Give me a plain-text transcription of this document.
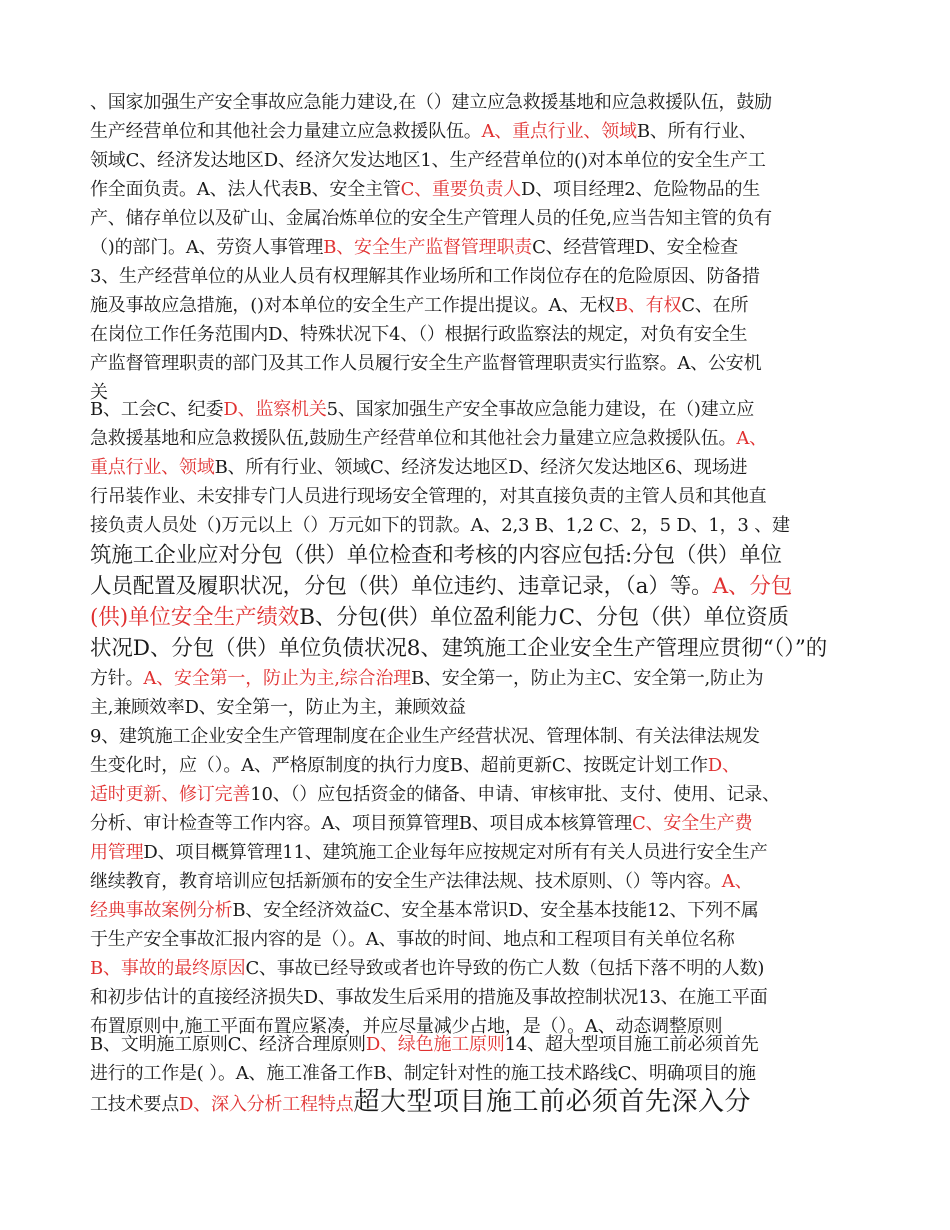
、国家加强生产安全事故应急能力建设,在（）建立应急救援基地和应急救援队伍，鼓励
生产经营单位和其他社会力量建立应急救援队伍。A、重点行业、领域B、所有行业、
领域C、经济发达地区D、经济欠发达地区1、生产经营单位的()对本单位的安全生产工
作全面负责。A、法人代表B、安全主管C、重要负责人D、项目经理2、危险物品的生
产、储存单位以及矿山、金属冶炼单位的安全生产管理人员的任免,应当告知主管的负有
（)的部门。A、劳资人事管理B、安全生产监督管理职责C、经营管理D、安全检查
3、生产经营单位的从业人员有权理解其作业场所和工作岗位存在的危险原因、防备措
施及事故应急措施，()对本单位的安全生产工作提出提议。A、无权B、有权C、在所
在岗位工作任务范围内D、特殊状况下4、（）根据行政监察法的规定，对负有安全生
产监督管理职责的部门及其工作人员履行安全生产监督管理职责实行监察。A、公安机
关
B、工会C、纪委D、监察机关5、国家加强生产安全事故应急能力建设，在（)建立应
急救援基地和应急救援队伍,鼓励生产经营单位和其他社会力量建立应急救援队伍。A、
重点行业、领域B、所有行业、领域C、经济发达地区D、经济欠发达地区6、现场进
行吊装作业、未安排专门人员进行现场安全管理的，对其直接负责的主管人员和其他直
接负责人员处（)万元以上（）万元如下的罚款。A、2,3 B、1,2 C、2，5 D、1，3 、建
筑施工企业应对分包（供）单位检查和考核的内容应包括:分包（供）单位
人员配置及履职状况，分包（供）单位违约、违章记录，（a）等。A、分包
(供)单位安全生产绩效B、分包(供）单位盈利能力C、分包（供）单位资质
状况D、分包（供）单位负债状况8、建筑施工企业安全生产管理应贯彻“（）”的
方针。A、安全第一，防止为主,综合治理B、安全第一，防止为主C、安全第一,防止为
主,兼顾效率D、安全第一，防止为主，兼顾效益
9、建筑施工企业安全生产管理制度在企业生产经营状况、管理体制、有关法律法规发
生变化时，应（）。A、严格原制度的执行力度B、超前更新C、按既定计划工作D、
适时更新、修订完善10、（）应包括资金的储备、申请、审核审批、支付、使用、记录、
分析、审计检查等工作内容。A、项目预算管理B、项目成本核算管理C、安全生产费
用管理D、项目概算管理11、建筑施工企业每年应按规定对所有有关人员进行安全生产
继续教育，教育培训应包括新颁布的安全生产法律法规、技术原则、（）等内容。A、
经典事故案例分析B、安全经济效益C、安全基本常识D、安全基本技能12、下列不属
于生产安全事故汇报内容的是（）。A、事故的时间、地点和工程项目有关单位名称
B、事故的最终原因C、事故已经导致或者也许导致的伤亡人数（包括下落不明的人数)
和初步估计的直接经济损失D、事故发生后采用的措施及事故控制状况13、在施工平面
布置原则中,施工平面布置应紧凑，并应尽量减少占地，是（）。A、动态调整原则
B、文明施工原则C、经济合理原则D、绿色施工原则14、超大型项目施工前必须首先
进行的工作是( ）。A、施工准备工作B、制定针对性的施工技术路线C、明确项目的施
工技术要点D、深入分析工程特点超大型项目施工前必须首先深入分
